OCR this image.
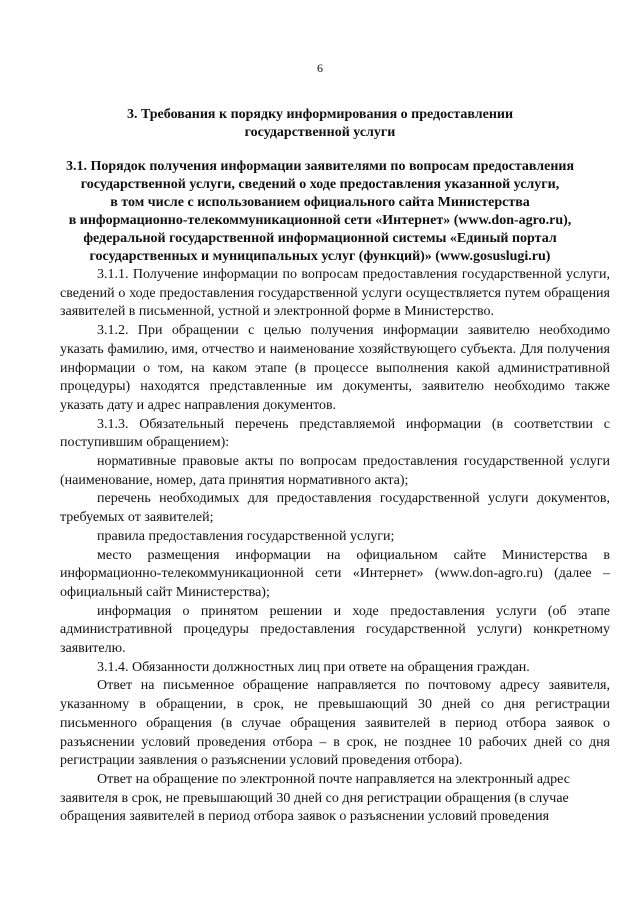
6
3. Требования к порядку информирования о предоставлении
государственной услуги
3.1. Порядок получения информации заявителями по вопросам предоставления
государственной услуги, сведений о ходе предоставления указанной услуги,
в том числе с использованием официального сайта Министерства
в информационно-телекоммуникационной сети «Интернет» (www.don-agro.ru),
федеральной государственной информационной системы «Единый портал
государственных и муниципальных услуг (функций)» (www.gosuslugi.ru)

3.1.1. Получение информации по вопросам предоставления государственной услуги, сведений о ходе предоставления государственной услуги осуществляется путем обращения заявителей в письменной, устной и электронной форме в Министерство.

3.1.2. При обращении с целью получения информации заявителю необходимо указать фамилию, имя, отчество и наименование хозяйствующего субъекта. Для получения информации о том, на каком этапе (в процессе выполнения какой административной процедуры) находятся представленные им документы, заявителю необходимо также указать дату и адрес направления документов.

3.1.3. Обязательный перечень представляемой информации (в соответствии с поступившим обращением):

нормативные правовые акты по вопросам предоставления государственной услуги (наименование, номер, дата принятия нормативного акта);

перечень необходимых для предоставления государственной услуги документов, требуемых от заявителей;

правила предоставления государственной услуги;

место размещения информации на официальном сайте Министерства в информационно-телекоммуникационной сети «Интернет» (www.don-agro.ru) (далее – официальный сайт Министерства);

информация о принятом решении и ходе предоставления услуги (об этапе административной процедуры предоставления государственной услуги) конкретному заявителю.

3.1.4. Обязанности должностных лиц при ответе на обращения граждан.

Ответ на письменное обращение направляется по почтовому адресу заявителя, указанному в обращении, в срок, не превышающий 30 дней со дня регистрации письменного обращения (в случае обращения заявителей в период отбора заявок о разъяснении условий проведения отбора – в срок, не позднее 10 рабочих дней со дня регистрации заявления о разъяснении условий проведения отбора).

Ответ на обращение по электронной почте направляется на электронный адрес заявителя в срок, не превышающий 30 дней со дня регистрации обращения (в случае обращения заявителей в период отбора заявок о разъяснении условий проведения
